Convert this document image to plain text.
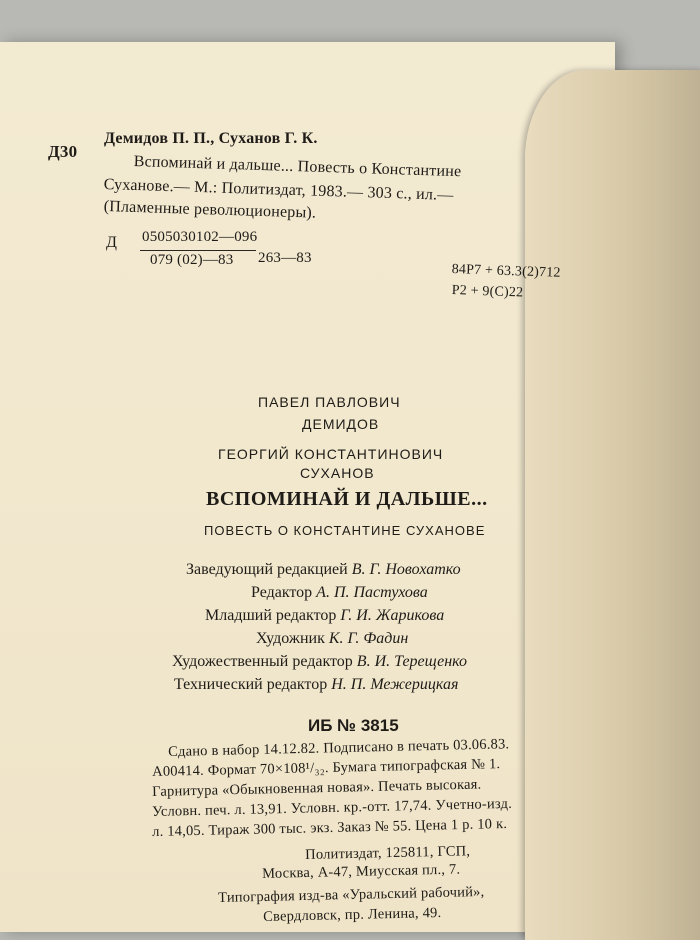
Д30
Демидов П. П., Суханов Г. К.
Вспоминай и дальше... Повесть о Константине
Суханове.— М.: Политиздат, 1983.— 303 с., ил.—
(Пламенные революционеры).
Д 0505030102—096
079 (02)—83 263—83
84Р7 + 63.3(2)712
Р2 + 9(С)22
ПАВЕЛ ПАВЛОВИЧ
ДЕМИДОВ
ГЕОРГИЙ КОНСТАНТИНОВИЧ
СУХАНОВ
ВСПОМИНАЙ И ДАЛЬШЕ...
ПОВЕСТЬ О КОНСТАНТИНЕ СУХАНОВЕ
Заведующий редакцией В. Г. Новохатко
Редактор А. П. Пастухова
Младший редактор Г. И. Жарикова
Художник К. Г. Фадин
Художественный редактор В. И. Терещенко
Технический редактор Н. П. Межерицкая
ИБ № 3815
Сдано в набор 14.12.82. Подписано в печать 03.06.83.
А00414. Формат 70×108¹/₃₂. Бумага типографская № 1.
Гарнитура «Обыкновенная новая». Печать высокая.
Условн. печ. л. 13,91. Условн. кр.-отт. 17,74. Учетно-изд.
л. 14,05. Тираж 300 тыс. экз. Заказ № 55. Цена 1 р. 10 к.
Политиздат, 125811, ГСП,
Москва, А-47, Миусская пл., 7.
Типография изд-ва «Уральский рабочий»,
Свердловск, пр. Ленина, 49.
